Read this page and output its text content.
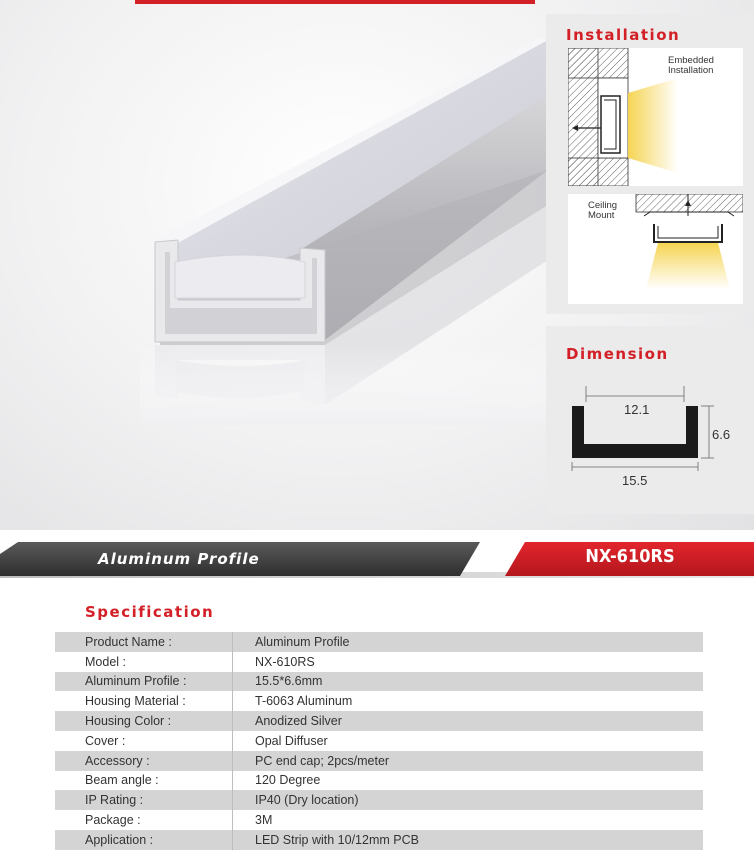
Installation
Embedded
Installation
Ceiling
Mount
Dimension
12.1
6.6
15.5
Aluminum Profile	NX-610RS
Specification
Product Name :	Aluminum Profile
Model :	NX-610RS
Aluminum Profile :	15.5*6.6mm
Housing Material :	T-6063 Aluminum
Housing Color :	Anodized Silver
Cover :	Opal Diffuser
Accessory :	PC end cap; 2pcs/meter
Beam angle :	120 Degree
IP Rating :	IP40 (Dry location)
Package :	3M
Application :	LED Strip with 10/12mm PCB
